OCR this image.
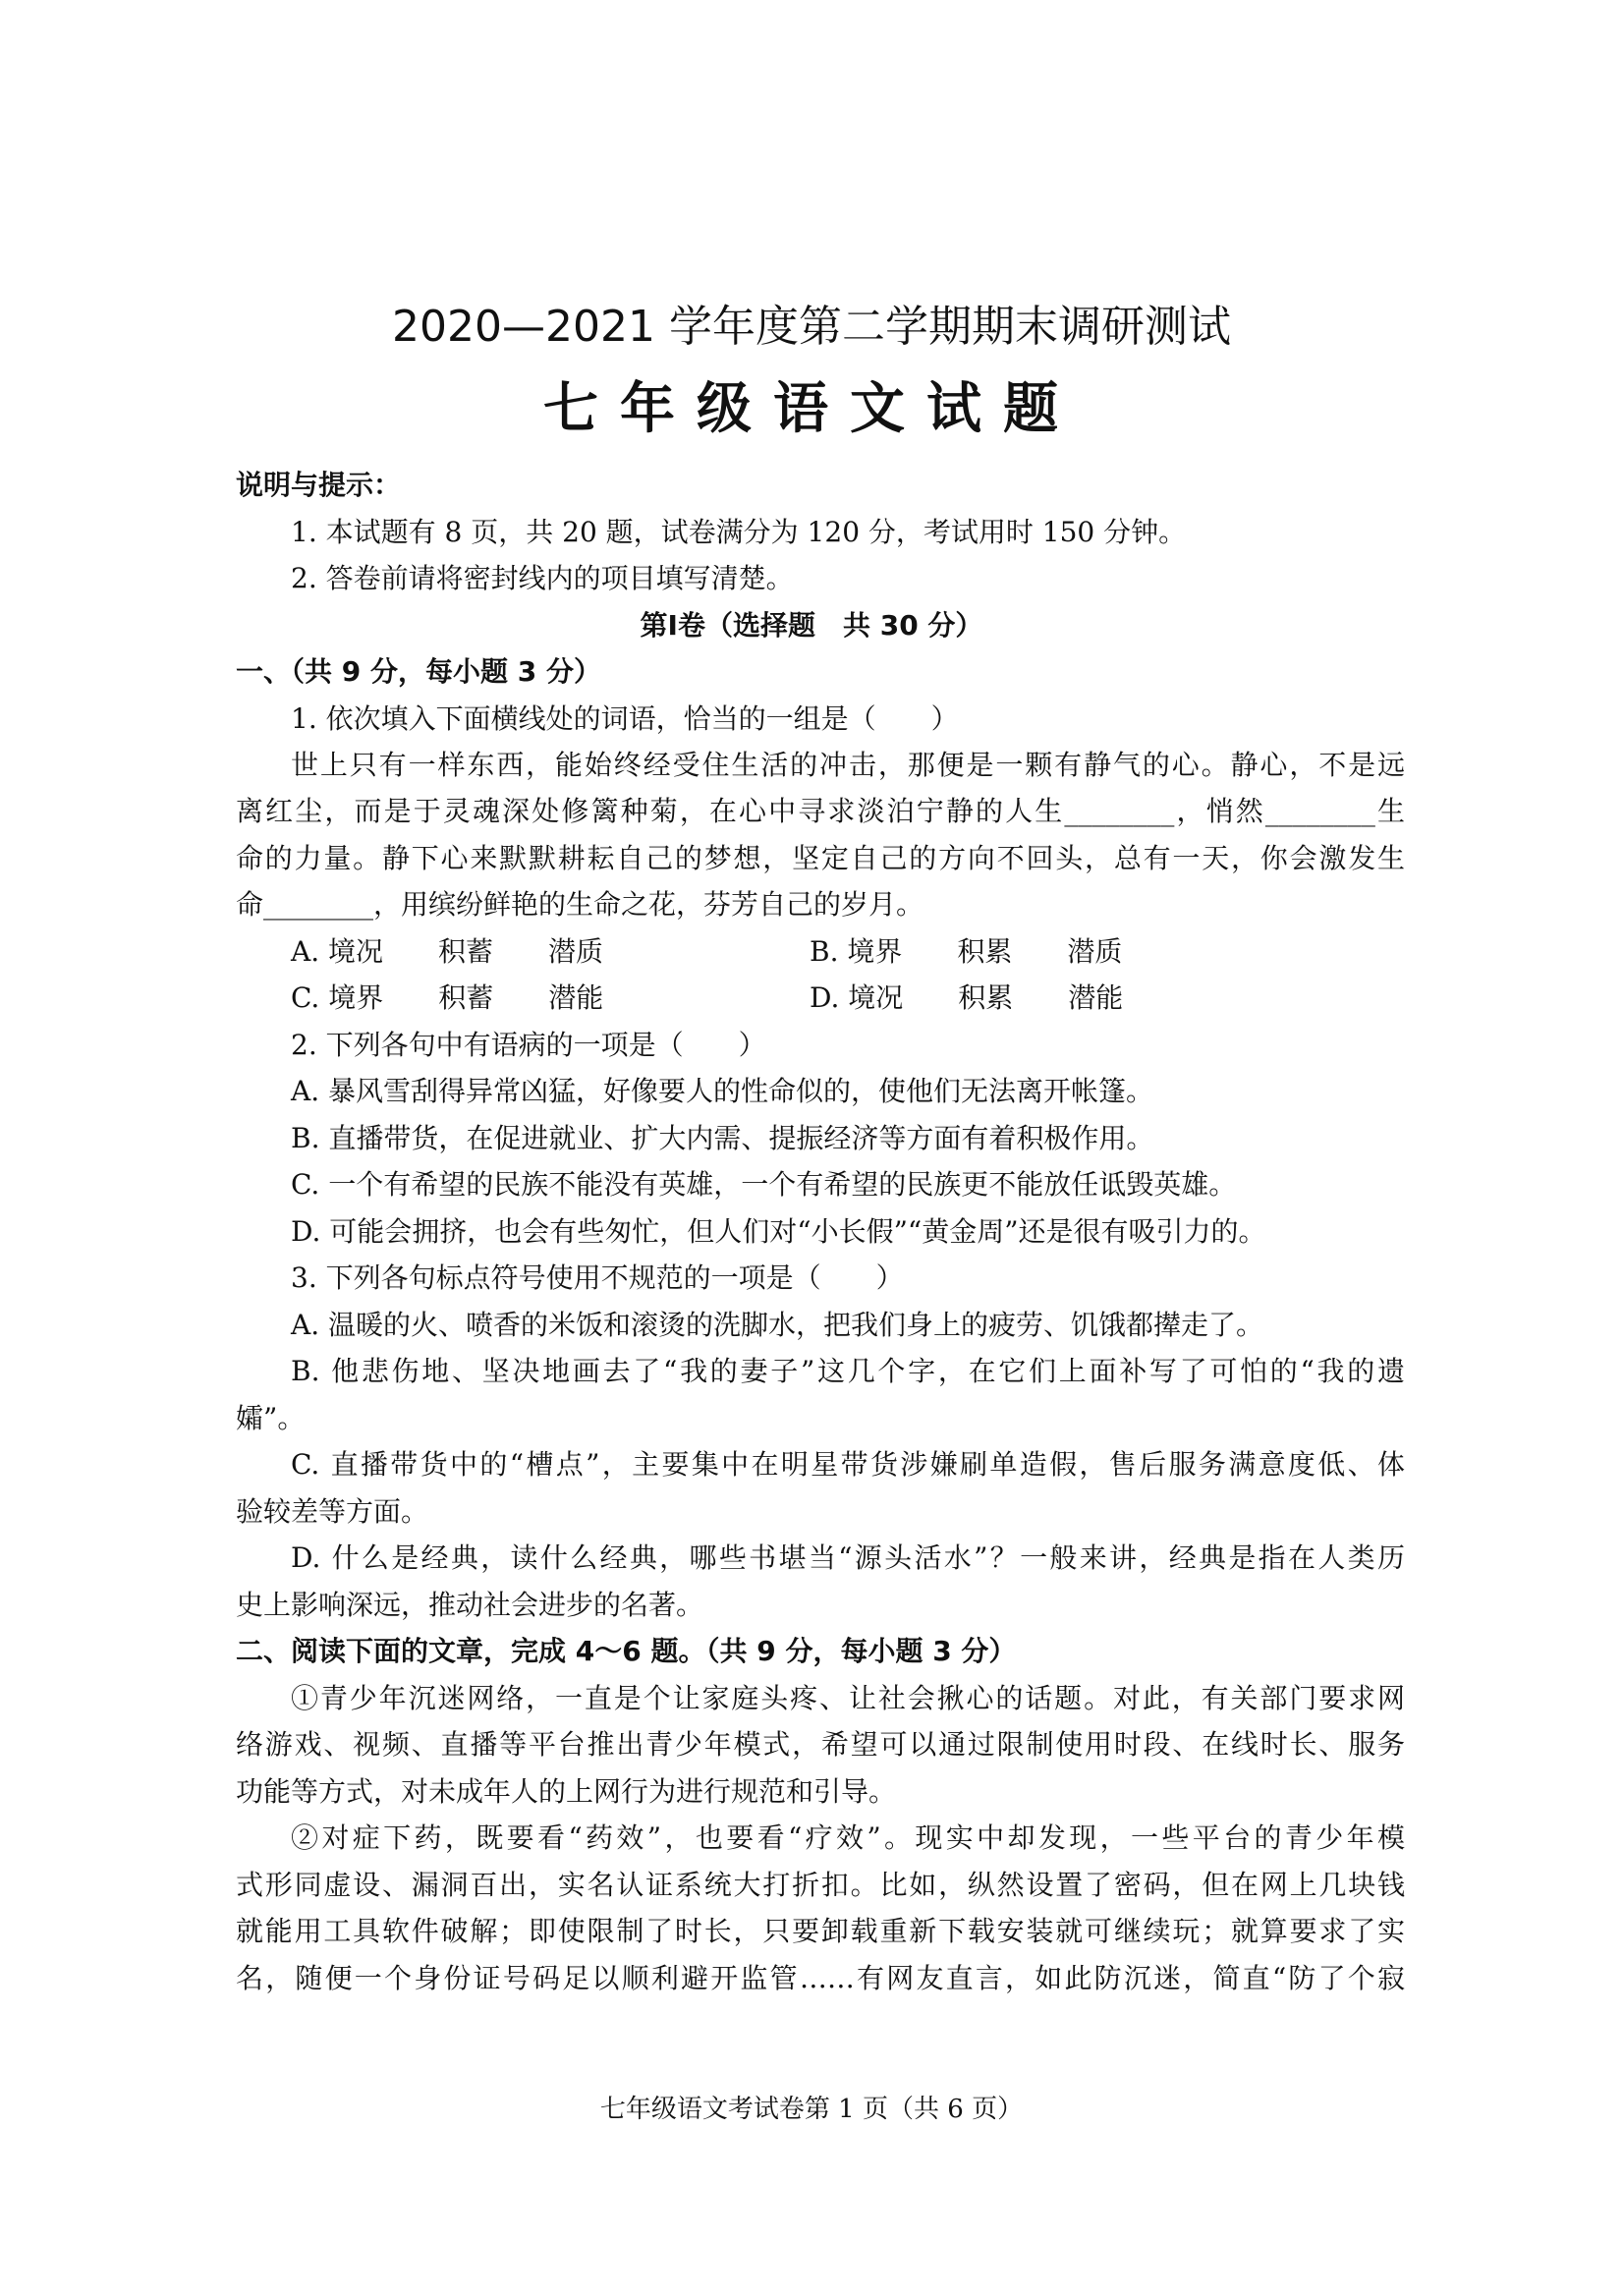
2020—2021 学年度第二学期期末调研测试
七年级语文试题
说明与提示：
1. 本试题有 8 页，共 20 题，试卷满分为 120 分，考试用时 150 分钟。
2. 答卷前请将密封线内的项目填写清楚。
第Ⅰ卷（选择题　共 30 分）
一、（共 9 分，每小题 3 分）
1. 依次填入下面横线处的词语，恰当的一组是（　　）
世上只有一样东西，能始终经受住生活的冲击，那便是一颗有静气的心。静心，不是远
离红尘，而是于灵魂深处修篱种菊，在心中寻求淡泊宁静的人生________，悄然________生
命的力量。静下心来默默耕耘自己的梦想，坚定自己的方向不回头，总有一天，你会激发生
命________，用缤纷鲜艳的生命之花，芬芳自己的岁月。
A. 境况　　积蓄　　潜质	B. 境界　　积累　　潜质
C. 境界　　积蓄　　潜能	D. 境况　　积累　　潜能
2. 下列各句中有语病的一项是（　　）
A. 暴风雪刮得异常凶猛，好像要人的性命似的，使他们无法离开帐篷。
B. 直播带货，在促进就业、扩大内需、提振经济等方面有着积极作用。
C. 一个有希望的民族不能没有英雄，一个有希望的民族更不能放任诋毁英雄。
D. 可能会拥挤，也会有些匆忙，但人们对“小长假”“黄金周”还是很有吸引力的。
3. 下列各句标点符号使用不规范的一项是（　　）
A. 温暖的火、喷香的米饭和滚烫的洗脚水，把我们身上的疲劳、饥饿都撵走了。
B. 他悲伤地、坚决地画去了“我的妻子”这几个字，在它们上面补写了可怕的“我的遗
孀”。
C. 直播带货中的“槽点”，主要集中在明星带货涉嫌刷单造假，售后服务满意度低、体
验较差等方面。
D. 什么是经典，读什么经典，哪些书堪当“源头活水”？一般来讲，经典是指在人类历
史上影响深远，推动社会进步的名著。
二、阅读下面的文章，完成 4～6 题。（共 9 分，每小题 3 分）
①青少年沉迷网络，一直是个让家庭头疼、让社会揪心的话题。对此，有关部门要求网
络游戏、视频、直播等平台推出青少年模式，希望可以通过限制使用时段、在线时长、服务
功能等方式，对未成年人的上网行为进行规范和引导。
②对症下药，既要看“药效”，也要看“疗效”。现实中却发现，一些平台的青少年模
式形同虚设、漏洞百出，实名认证系统大打折扣。比如，纵然设置了密码，但在网上几块钱
就能用工具软件破解；即使限制了时长，只要卸载重新下载安装就可继续玩；就算要求了实
名，随便一个身份证号码足以顺利避开监管……有网友直言，如此防沉迷，简直“防了个寂
七年级语文考试卷第 1 页（共 6 页）
